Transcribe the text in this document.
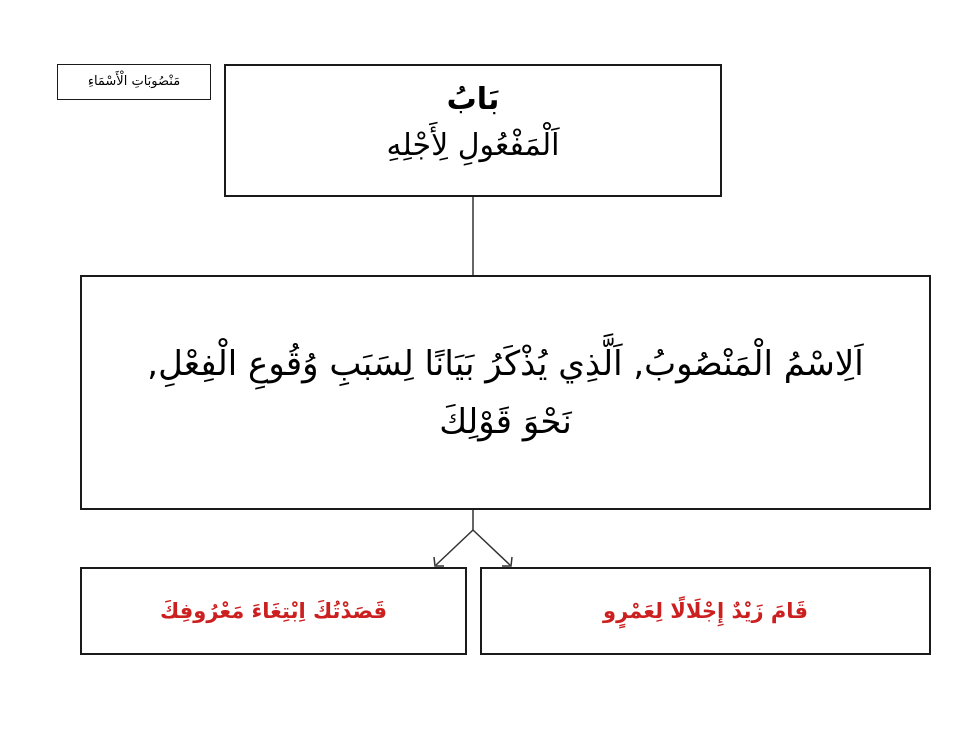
مَنْصُوبَاتِ الْأَسْمَاءِ
بَابُ
اَلْمَفْعُولِ لِأَجْلِهِ
اَلِاسْمُ الْمَنْصُوبُ, اَلَّذِي يُذْكَرُ بَيَانًا لِسَبَبِ وُقُوعِ الْفِعْلِ,
نَحْوَ قَوْلِكَ
قَامَ زَيْدٌ إِجْلَالًا لِعَمْرٍو
قَصَدْتُكَ اِبْتِغَاءَ مَعْرُوفِكَ
